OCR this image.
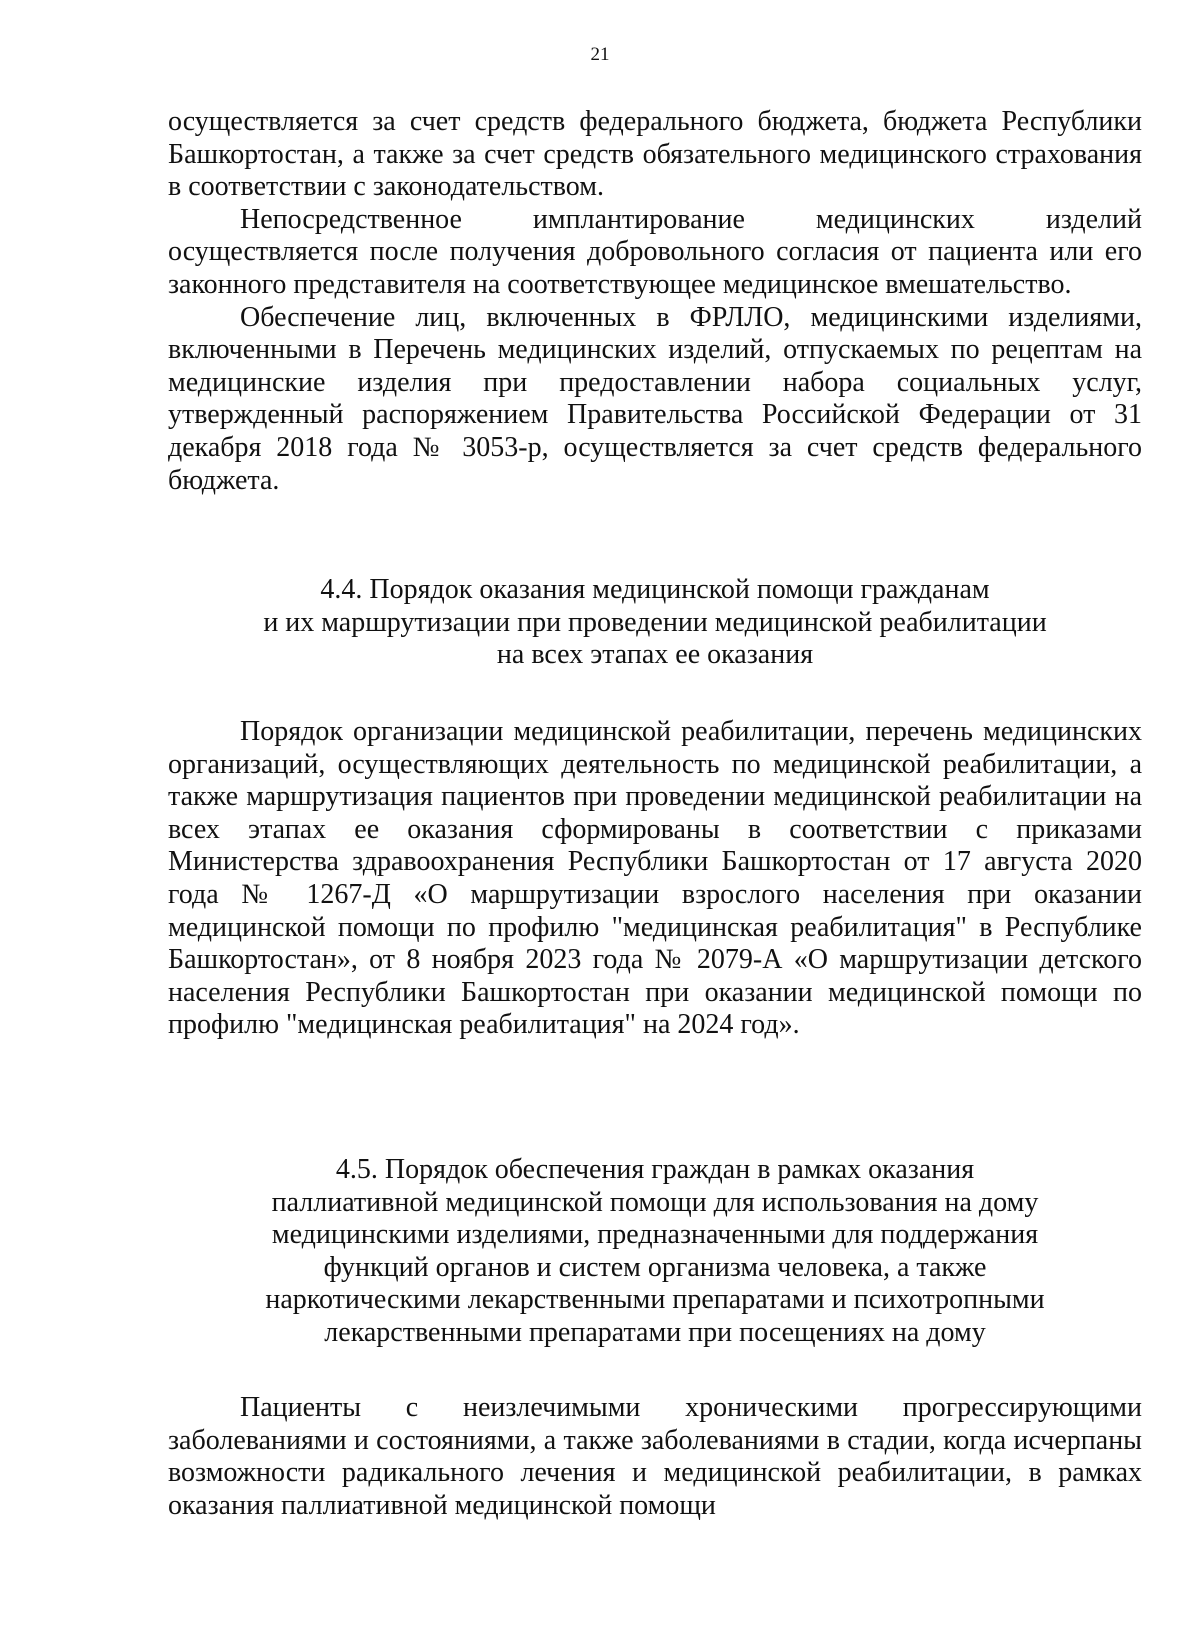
21

осуществляется за счет средств федерального бюджета, бюджета Республики Башкортостан, а также за счет средств обязательного медицинского страхования в соответствии с законодательством.

Непосредственное имплантирование медицинских изделий осуществляется после получения добровольного согласия от пациента или его законного представителя на соответствующее медицинское вмешательство.

Обеспечение лиц, включенных в ФРЛЛО, медицинскими изделиями, включенными в Перечень медицинских изделий, отпускаемых по рецептам на медицинские изделия при предоставлении набора социальных услуг, утвержденный распоряжением Правительства Российской Федерации от 31 декабря 2018 года № 3053-р, осуществляется за счет средств федерального бюджета.

4.4. Порядок оказания медицинской помощи гражданам
и их маршрутизации при проведении медицинской реабилитации
на всех этапах ее оказания

Порядок организации медицинской реабилитации, перечень медицинских организаций, осуществляющих деятельность по медицинской реабилитации, а также маршрутизация пациентов при проведении медицинской реабилитации на всех этапах ее оказания сформированы в соответствии с приказами Министерства здравоохранения Республики Башкортостан от 17 августа 2020 года № 1267-Д «О маршрутизации взрослого населения при оказании медицинской помощи по профилю "медицинская реабилитация" в Республике Башкортостан», от 8 ноября 2023 года № 2079-А «О маршрутизации детского населения Республики Башкортостан при оказании медицинской помощи по профилю "медицинская реабилитация" на 2024 год».

4.5. Порядок обеспечения граждан в рамках оказания
паллиативной медицинской помощи для использования на дому
медицинскими изделиями, предназначенными для поддержания
функций органов и систем организма человека, а также
наркотическими лекарственными препаратами и психотропными
лекарственными препаратами при посещениях на дому

Пациенты с неизлечимыми хроническими прогрессирующими заболеваниями и состояниями, а также заболеваниями в стадии, когда исчерпаны возможности радикального лечения и медицинской реабилитации, в рамках оказания паллиативной медицинской помощи
